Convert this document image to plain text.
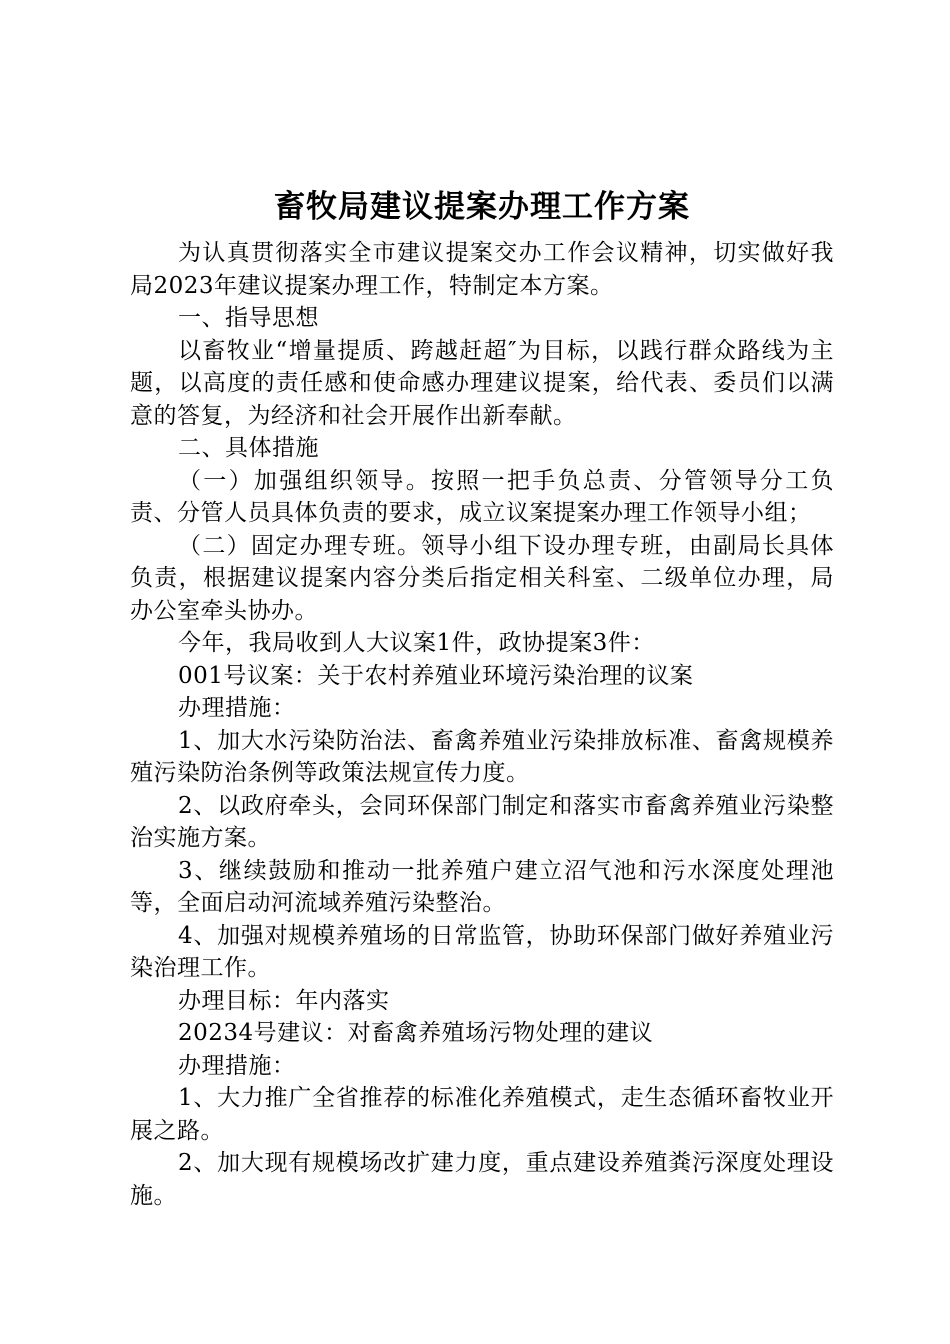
畜牧局建议提案办理工作方案

为认真贯彻落实全市建议提案交办工作会议精神，切实做好我局2023年建议提案办理工作，特制定本方案。

一、指导思想

以畜牧业“增量提质、跨越赶超″为目标，以践行群众路线为主题，以高度的责任感和使命感办理建议提案，给代表、委员们以满意的答复，为经济和社会开展作出新奉献。

二、具体措施

（一）加强组织领导。按照一把手负总责、分管领导分工负责、分管人员具体负责的要求，成立议案提案办理工作领导小组；

（二）固定办理专班。领导小组下设办理专班，由副局长具体负责，根据建议提案内容分类后指定相关科室、二级单位办理，局办公室牵头协办。

今年，我局收到人大议案1件，政协提案3件：

001号议案：关于农村养殖业环境污染治理的议案

办理措施：

1、加大水污染防治法、畜禽养殖业污染排放标准、畜禽规模养殖污染防治条例等政策法规宣传力度。

2、以政府牵头，会同环保部门制定和落实市畜禽养殖业污染整治实施方案。

3、继续鼓励和推动一批养殖户建立沼气池和污水深度处理池等，全面启动河流域养殖污染整治。

4、加强对规模养殖场的日常监管，协助环保部门做好养殖业污染治理工作。

办理目标：年内落实

20234号建议：对畜禽养殖场污物处理的建议

办理措施：

1、大力推广全省推荐的标准化养殖模式，走生态循环畜牧业开展之路。

2、加大现有规模场改扩建力度，重点建设养殖粪污深度处理设施。
